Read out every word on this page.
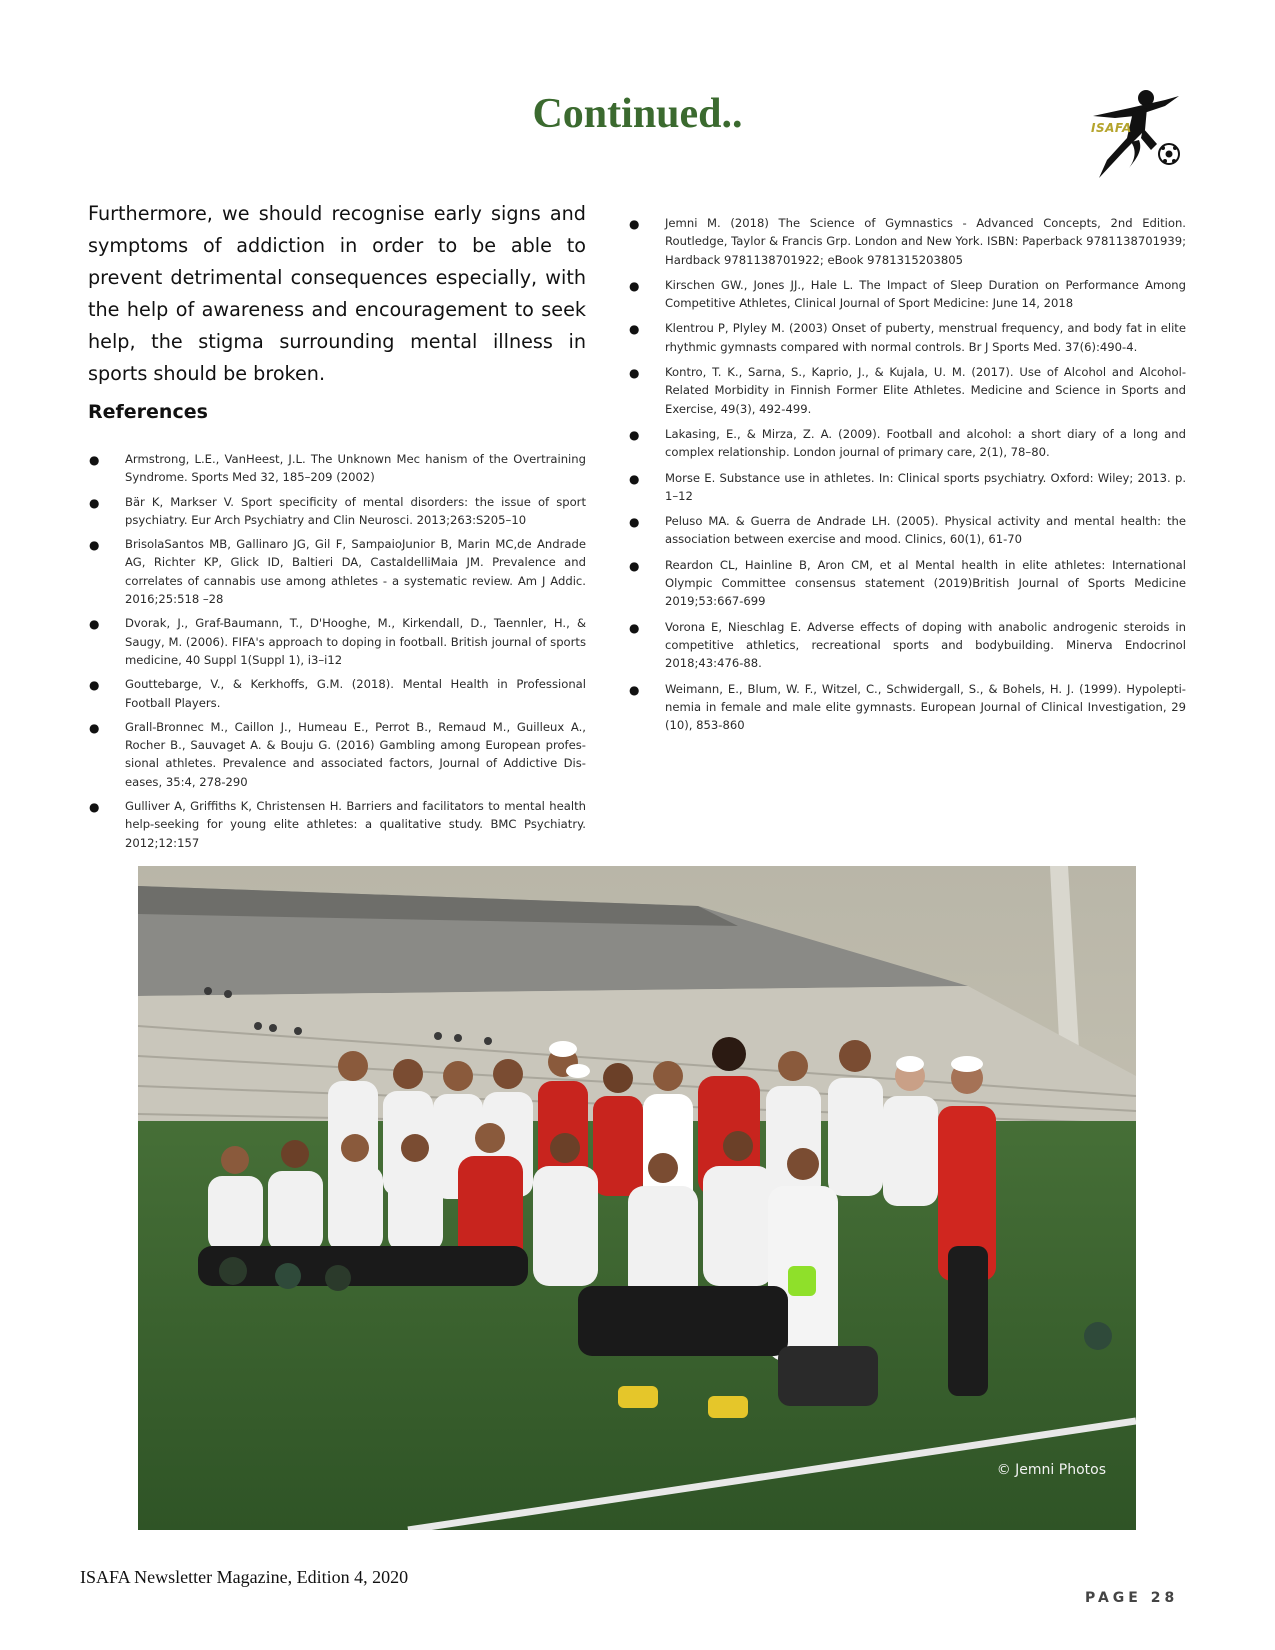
Continued..	ISAFA

Furthermore, we should recognise early signs and symptoms of addiction in order to be able to prevent detrimental consequences especially, with the help of awareness and encouragement to seek help, the stigma surrounding mental illness in sports should be broken.

References
● Armstrong, L.E., VanHeest, J.L. The Unknown Mec hanism of the Overtraining Syndrome. Sports Med 32, 185–209 (2002)
● Bär K, Markser V. Sport specificity of mental disorders: the issue of sport psychiatry. Eur Arch Psychiatry and Clin Neurosci. 2013;263:S205–10
● BrisolaSantos MB, Gallinaro JG, Gil F, SampaioJunior B, Marin MC,de Andrade AG, Richter KP, Glick ID, Baltieri DA, CastaldelliMaia JM. Prevalence and correlates of cannabis use among athletes - a systematic review. Am J Addic. 2016;25:518 –28
● Dvorak, J., Graf-Baumann, T., D'Hooghe, M., Kirkendall, D., Taennler, H., & Saugy, M. (2006). FIFA's approach to doping in football. British journal of sports medicine, 40 Suppl 1(Suppl 1), i3–i12
● Gouttebarge, V., & Kerkhoffs, G.M. (2018). Mental Health in Professional Football Players.
● Grall-Bronnec M., Caillon J., Humeau E., Perrot B., Remaud M., Guilleux A., Rocher B., Sauvaget A. & Bouju G. (2016) Gambling among European profes-sional athletes. Prevalence and associated factors, Journal of Addictive Dis-eases, 35:4, 278-290
● Gulliver A, Griffiths K, Christensen H. Barriers and facilitators to mental health help-seeking for young elite athletes: a qualitative study. BMC Psychiatry. 2012;12:157
● Jemni M. (2018) The Science of Gymnastics - Advanced Concepts, 2nd Edition. Routledge, Taylor & Francis Grp. London and New York. ISBN: Paperback 9781138701939; Hardback 9781138701922; eBook 9781315203805
● Kirschen GW., Jones JJ., Hale L. The Impact of Sleep Duration on Performance Among Competitive Athletes, Clinical Journal of Sport Medicine: June 14, 2018
● Klentrou P, Plyley M. (2003) Onset of puberty, menstrual frequency, and body fat in elite rhythmic gymnasts compared with normal controls. Br J Sports Med. 37(6):490-4.
● Kontro, T. K., Sarna, S., Kaprio, J., & Kujala, U. M. (2017). Use of Alcohol and Alcohol-Related Morbidity in Finnish Former Elite Athletes. Medicine and Science in Sports and Exercise, 49(3), 492-499.
● Lakasing, E., & Mirza, Z. A. (2009). Football and alcohol: a short diary of a long and complex relationship. London journal of primary care, 2(1), 78–80.
● Morse E. Substance use in athletes. In: Clinical sports psychiatry. Oxford: Wiley; 2013. p. 1–12
● Peluso MA. & Guerra de Andrade LH. (2005). Physical activity and mental health: the association between exercise and mood. Clinics, 60(1), 61-70
● Reardon CL, Hainline B, Aron CM, et al Mental health in elite athletes: International Olympic Committee consensus statement (2019)British Journal of Sports Medicine 2019;53:667-699
● Vorona E, Nieschlag E. Adverse effects of doping with anabolic androgenic steroids in competitive athletics, recreational sports and bodybuilding. Minerva Endocrinol 2018;43:476-88.
● Weimann, E., Blum, W. F., Witzel, C., Schwidergall, S., & Bohels, H. J. (1999). Hypolepti-nemia in female and male elite gymnasts. European Journal of Clinical Investigation, 29 (10), 853-860
© Jemni Photos

ISAFA Newsletter Magazine, Edition 4, 2020

PAGE 28
